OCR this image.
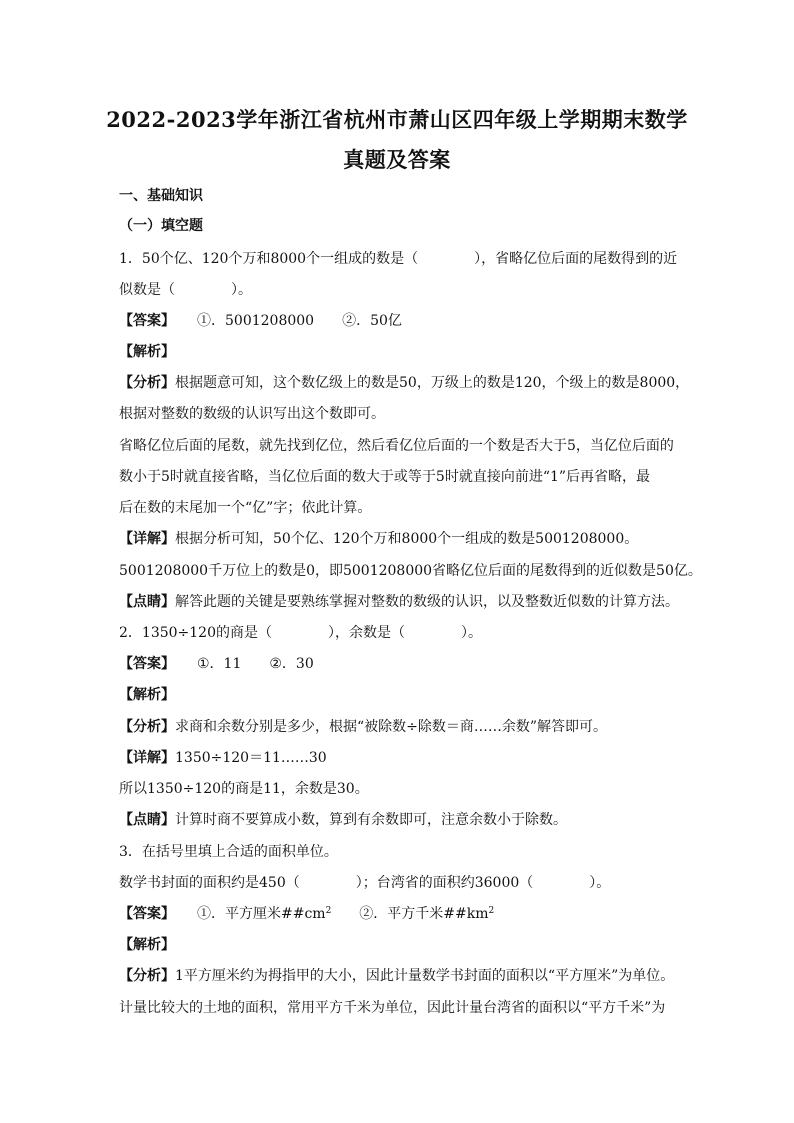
2022-2023学年浙江省杭州市萧山区四年级上学期期末数学
真题及答案
一、基础知识
（一）填空题
1．50个亿、120个万和8000个一组成的数是（　　　　），省略亿位后面的尾数得到的近
似数是（　　　　）。
【答案】 ①．5001208000　　②．50亿
【解析】
【分析】根据题意可知，这个数亿级上的数是50，万级上的数是120，个级上的数是8000，
根据对整数的数级的认识写出这个数即可。
省略亿位后面的尾数，就先找到亿位，然后看亿位后面的一个数是否大于5，当亿位后面的
数小于5时就直接省略，当亿位后面的数大于或等于5时就直接向前进“1”后再省略，最
后在数的末尾加一个“亿”字；依此计算。
【详解】根据分析可知，50个亿、120个万和8000个一组成的数是5001208000。
5001208000千万位上的数是0，即5001208000省略亿位后面的尾数得到的近似数是50亿。
【点睛】解答此题的关键是要熟练掌握对整数的数级的认识，以及整数近似数的计算方法。
2．1350÷120的商是（　　　　），余数是（　　　　）。
【答案】 ①．11　　②．30
【解析】
【分析】求商和余数分别是多少，根据“被除数÷除数＝商……余数”解答即可。
【详解】1350÷120＝11……30
所以1350÷120的商是11，余数是30。
【点睛】计算时商不要算成小数，算到有余数即可，注意余数小于除数。
3．在括号里填上合适的面积单位。
数学书封面的面积约是450（　　　　）；台湾省的面积约36000（　　　　）。
【答案】 ①．平方厘米$\#\#cm^2$　　②．平方千米$\#\#km^2$
【解析】
【分析】1平方厘米约为拇指甲的大小，因此计量数学书封面的面积以“平方厘米”为单位。
计量比较大的土地的面积，常用平方千米为单位，因此计量台湾省的面积以“平方千米”为
